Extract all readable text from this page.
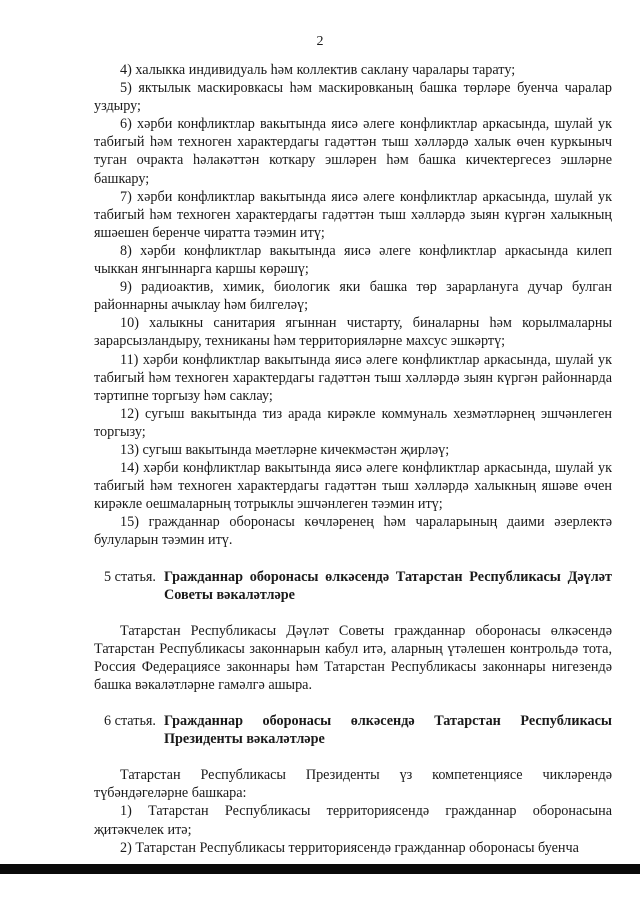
2

4) халыкка индивидуаль һәм коллектив саклану чаралары тарату;

5) яктылык маскировкасы һәм маскировканың башка төрләре буенча чаралар уздыру;

6) хәрби конфликтлар вакытында яисә әлеге конфликтлар аркасында, шулай ук табигый һәм техноген характердагы гадәттән тыш хәлләрдә халык өчен куркыныч туган очракта һәлакәттән коткару эшләрен һәм башка кичектергесез эшләрне башкару;

7) хәрби конфликтлар вакытында яисә әлеге конфликтлар аркасында, шулай ук табигый һәм техноген характердагы гадәттән тыш хәлләрдә зыян күргән халыкның яшәешен беренче чиратта тәэмин итү;

8) хәрби конфликтлар вакытында яисә әлеге конфликтлар аркасында килеп чыккан янгыннарга каршы көрәшү;

9) радиоактив, химик, биологик яки башка төр зарарлануга дучар булган районнарны ачыклау һәм билгеләү;

10) халыкны санитария ягыннан чистарту, биналарны һәм корылмаларны зарарсызландыру, техниканы һәм территорияләрне махсус эшкәртү;

11) хәрби конфликтлар вакытында яисә әлеге конфликтлар аркасында, шулай ук табигый һәм техноген характердагы гадәттән тыш хәлләрдә зыян күргән районнарда тәртипне торгызу һәм саклау;

12) сугыш вакытында тиз арада кирәкле коммуналь хезмәтләрнең эшчәнлеген торгызу;

13) сугыш вакытында мәетләрне кичекмәстән җирләү;

14) хәрби конфликтлар вакытында яисә әлеге конфликтлар аркасында, шулай ук табигый һәм техноген характердагы гадәттән тыш хәлләрдә халыкның яшәве өчен кирәкле оешмаларның тотрыклы эшчәнлеген тәэмин итү;

15) гражданнар оборонасы көчләренең һәм чараларының даими әзерлектә булуларын тәэмин итү.

5 статья. Гражданнар оборонасы өлкәсендә Татарстан Республикасы Дәүләт Советы вәкаләтләре

Татарстан Республикасы Дәүләт Советы гражданнар оборонасы өлкәсендә Татарстан Республикасы законнарын кабул итә, аларның үтәлешен контрольдә тота, Россия Федерациясе законнары һәм Татарстан Республикасы законнары нигезендә башка вәкаләтләрне гамәлгә ашыра.

6 статья. Гражданнар оборонасы өлкәсендә Татарстан Республикасы Президенты вәкаләтләре

Татарстан Республикасы Президенты үз компетенциясе чикләрендә түбәндәгеләрне башкара:

1) Татарстан Республикасы территориясендә гражданнар оборонасына җитәкчелек итә;

2) Татарстан Республикасы территориясендә гражданнар оборонасы буенча
